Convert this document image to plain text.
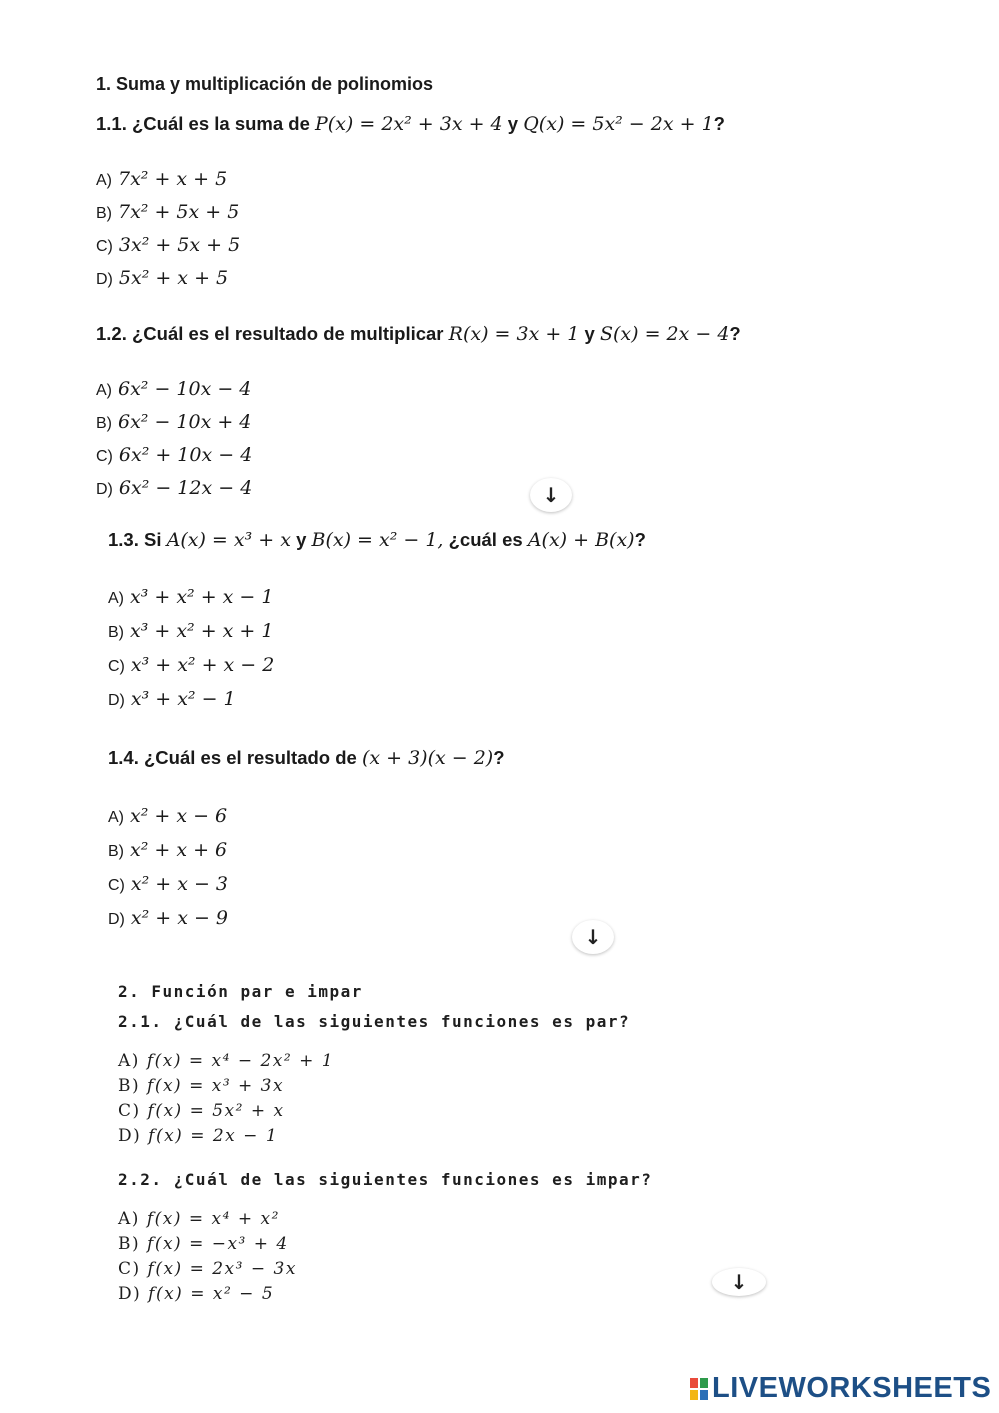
1. Suma y multiplicación de polinomios
1.1. ¿Cuál es la suma de P(x) = 2x² + 3x + 4 y Q(x) = 5x² − 2x + 1?
A) 7x² + x + 5
B) 7x² + 5x + 5
C) 3x² + 5x + 5
D) 5x² + x + 5
1.2. ¿Cuál es el resultado de multiplicar R(x) = 3x + 1 y S(x) = 2x − 4?
A) 6x² − 10x − 4
B) 6x² − 10x + 4
C) 6x² + 10x − 4
D) 6x² − 12x − 4	↓
1.3. Si A(x) = x³ + x y B(x) = x² − 1, ¿cuál es A(x) + B(x)?
A) x³ + x² + x − 1
B) x³ + x² + x + 1
C) x³ + x² + x − 2
D) x³ + x² − 1
1.4. ¿Cuál es el resultado de (x + 3)(x − 2)?
A) x² + x − 6
B) x² + x + 6
C) x² + x − 3
D) x² + x − 9
↓
2. Función par e impar
2.1. ¿Cuál de las siguientes funciones es par?
A) f(x) = x⁴ − 2x² + 1
B) f(x) = x³ + 3x
C) f(x) = 5x² + x
D) f(x) = 2x − 1
2.2. ¿Cuál de las siguientes funciones es impar?
A) f(x) = x⁴ + x²
B) f(x) = −x³ + 4
C) f(x) = 2x³ − 3x
D) f(x) = x² − 5	↓
LIVEWORKSHEETS
